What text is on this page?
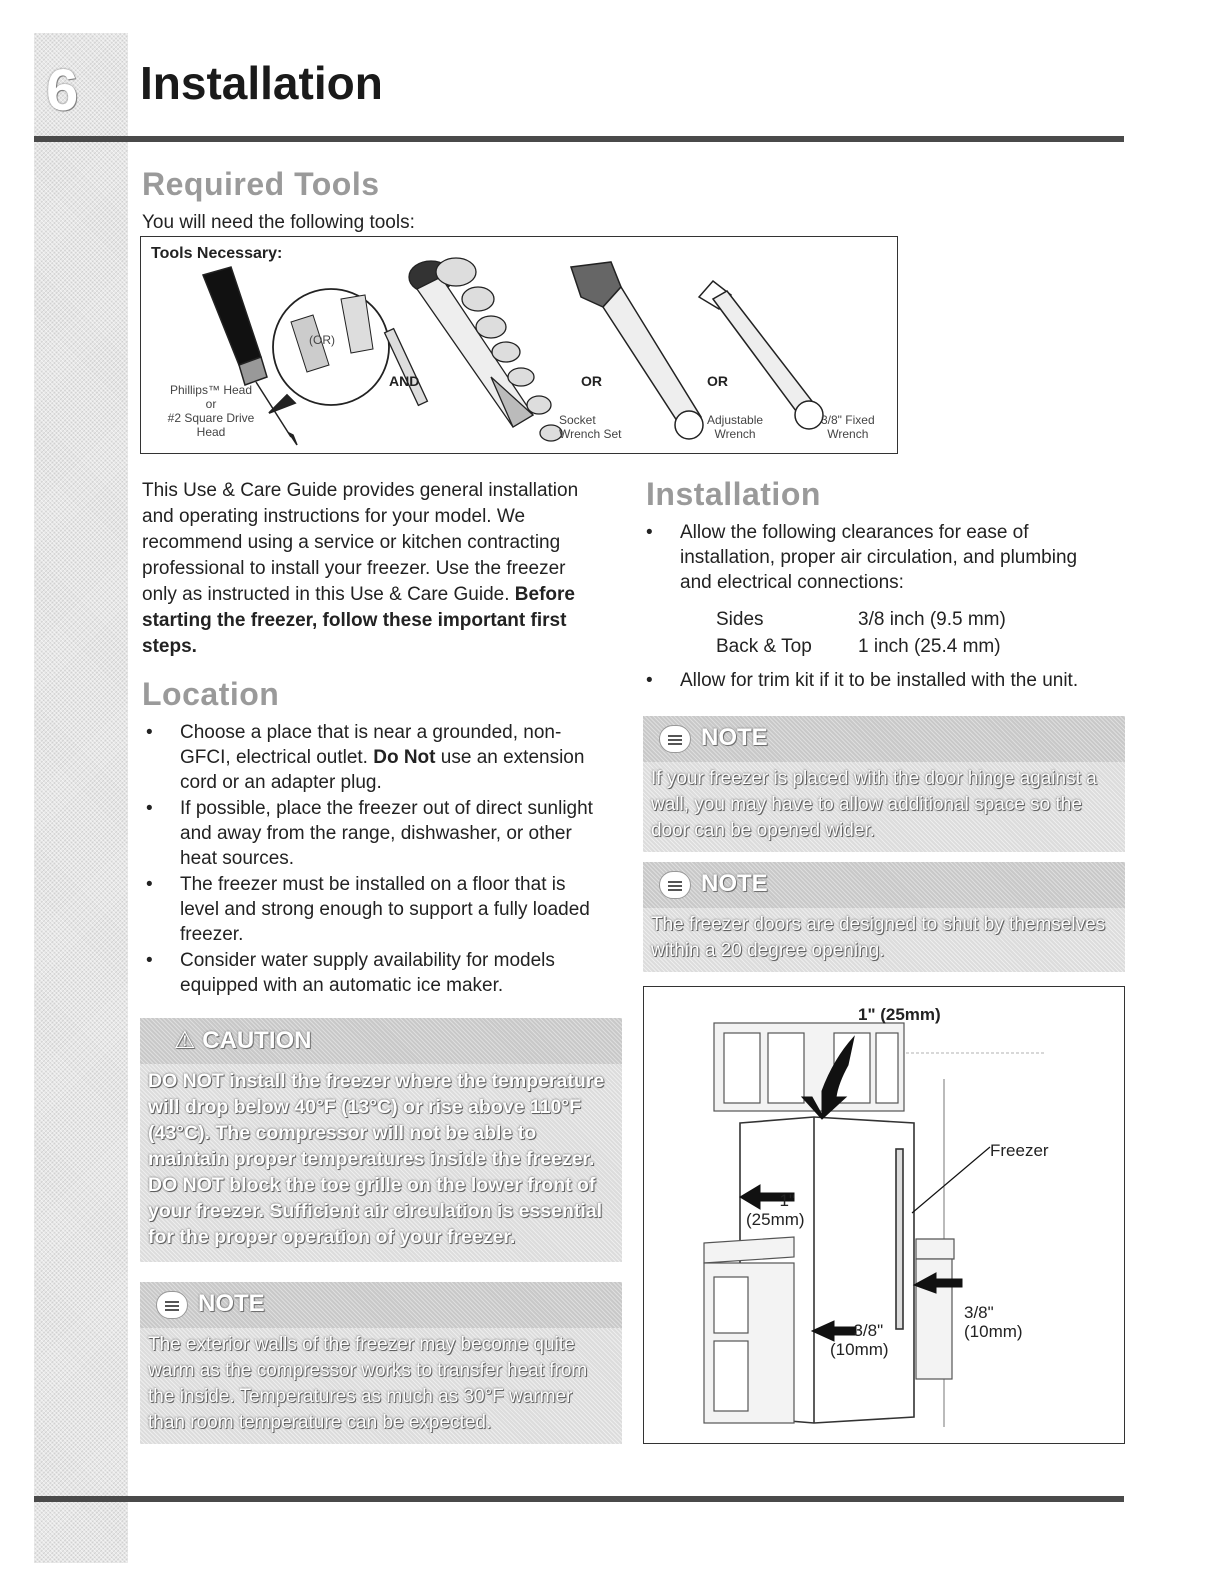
6 Installation
Required Tools
You will need the following tools:
Tools Necessary:
Phillips™ Head
or
#2 Square Drive
Head
(OR)
AND	OR	OR
Socket
Wrench Set
Adjustable
Wrench
3/8" Fixed
Wrench
This Use & Care Guide provides general installation and operating instructions for your model. We recommend using a service or kitchen contracting professional to install your freezer. Use the freezer only as instructed in this Use & Care Guide. Before starting the freezer, follow these important first steps.
Location
• Choose a place that is near a grounded, non-GFCI, electrical outlet. Do Not use an extension cord or an adapter plug.
• If possible, place the freezer out of direct sunlight and away from the range, dishwasher, or other heat sources.
• The freezer must be installed on a floor that is level and strong enough to support a fully loaded freezer.
• Consider water supply availability for models equipped with an automatic ice maker.
⚠ CAUTION
DO NOT install the freezer where the temperature will drop below 40°F (13°C) or rise above 110°F (43°C). The compressor will not be able to maintain proper temperatures inside the freezer. DO NOT block the toe grille on the lower front of your freezer. Sufficient air circulation is essential for the proper operation of your freezer.
NOTE
The exterior walls of the freezer may become quite warm as the compressor works to transfer heat from the inside. Temperatures as much as 30°F warmer than room temperature can be expected.
Installation
• Allow the following clearances for ease of installation, proper air circulation, and plumbing and electrical connections:
Sides	3/8 inch (9.5 mm)
Back & Top 1 inch (25.4 mm)
• Allow for trim kit if it to be installed with the unit.
NOTE
If your freezer is placed with the door hinge against a wall, you may have to allow additional space so the door can be opened wider.
NOTE
The freezer doors are designed to shut by themselves within a 20 degree opening.
1" (25mm)
Freezer
1"
(25mm)
3/8"
(10mm)
3/8"
(10mm)
